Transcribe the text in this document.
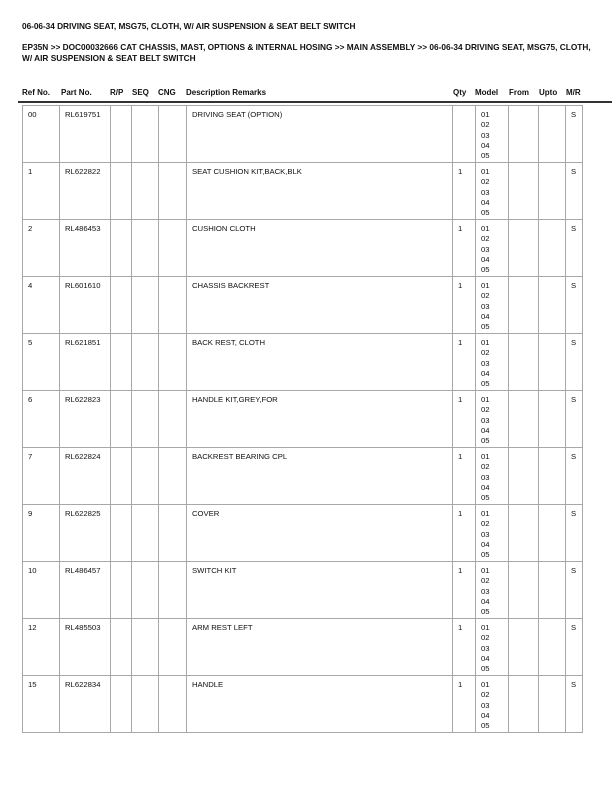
06-06-34 DRIVING SEAT, MSG75, CLOTH, W/ AIR SUSPENSION & SEAT BELT SWITCH
EP35N >> DOC00032666 CAT CHASSIS, MAST, OPTIONS & INTERNAL HOSING >> MAIN ASSEMBLY >> 06-06-34 DRIVING SEAT, MSG75, CLOTH, W/ AIR SUSPENSION & SEAT BELT SWITCH
Ref No. Part No. R/P SEQ CNG Description Remarks	Qty Model From Upto M/R
00	RL619751				DRIVING SEAT (OPTION)		01
02
03
04
05			S
1	RL622822				SEAT CUSHION KIT,BACK,BLK	1	01
02
03
04
05			S
2	RL486453				CUSHION CLOTH	1	01
02
03
04
05			S
4	RL601610				CHASSIS BACKREST	1	01
02
03
04
05			S
5	RL621851				BACK REST, CLOTH	1	01
02
03
04
05			S
6	RL622823				HANDLE KIT,GREY,FOR	1	01
02
03
04
05			S
7	RL622824				BACKREST BEARING CPL	1	01
02
03
04
05			S
9	RL622825				COVER	1	01
02
03
04
05			S
10	RL486457				SWITCH KIT	1	01
02
03
04
05			S
12	RL485503				ARM REST LEFT	1	01
02
03
04
05			S
15	RL622834				HANDLE	1	01
02
03
04
05			S
